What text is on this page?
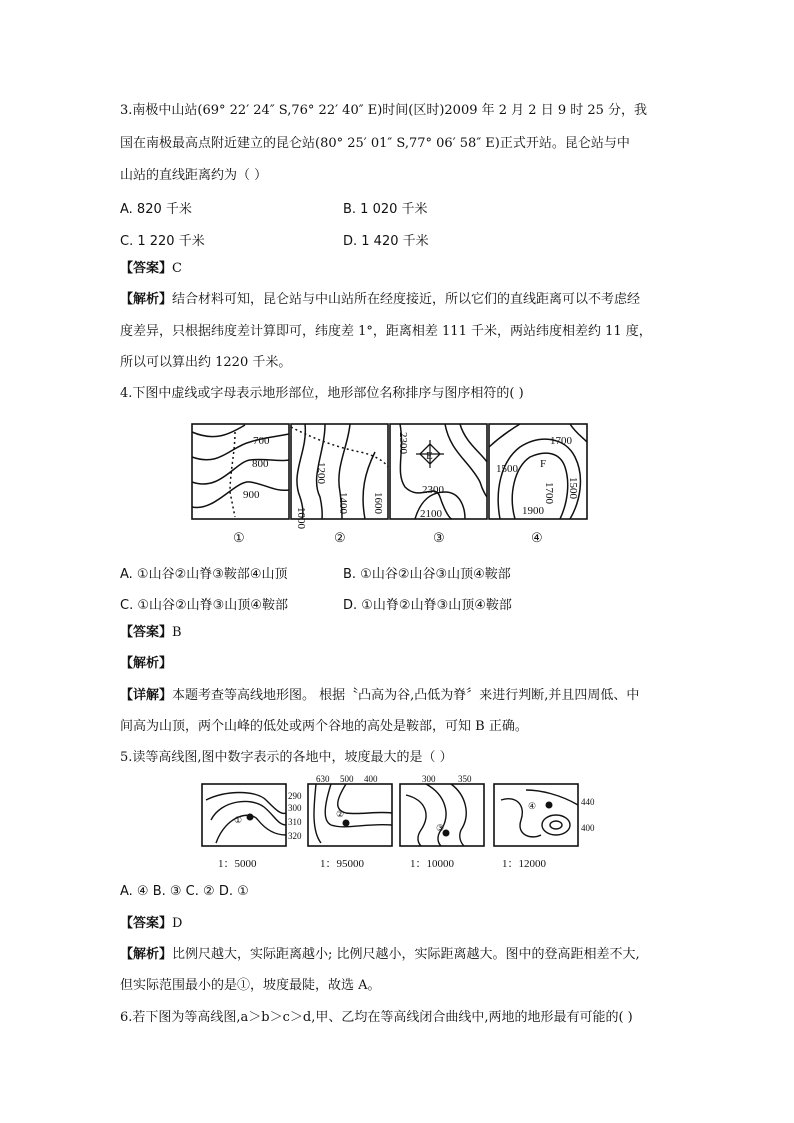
3.南极中山站(69° 22′ 24″ S,76° 22′ 40″ E)时间(区时)2009 年 2 月 2 日 9 时 25 分，我
国在南极最高点附近建立的昆仑站(80° 25′ 01″ S,77° 06′ 58″ E)正式开站。昆仑站与中
山站的直线距离约为（ ）
A. 820 千米	B. 1 020 千米
C. 1 220 千米	D. 1 420 千米
【答案】C
【解析】结合材料可知，昆仑站与中山站所在经度接近，所以它们的直线距离可以不考虑经
度差异，只根据纬度差计算即可，纬度差 1°，距离相差 111 千米，两站纬度相差约 11 度，
所以可以算出约 1220 千米。
4.下图中虚线或字母表示地形部位，地形部位名称排序与图序相符的( )
700
800
900
1000
1200
1400 1600
2300
E
2300
2100
1700
1500 F
1700 1500
1900
①	②	③	④
A. ①山谷②山脊③鞍部④山顶	B. ①山谷②山谷③山顶④鞍部
C. ①山谷②山脊③山顶④鞍部	D. ①山脊②山脊③山顶④鞍部
【答案】B
【解析】
【详解】本题考查等高线地形图。 根据〝凸高为谷,凸低为脊〞来进行判断,并且四周低、中
间高为山顶，两个山峰的低处或两个谷地的高处是鞍部，可知 B 正确。
5.读等高线图,图中数字表示的各地中，坡度最大的是（ ）
①
290
300
310
320
630 500 400
②
300	350
③
④	440
400
1：5000	1：95000	1：10000	1：12000
A. ④ B. ③ C. ② D. ①
【答案】D
【解析】比例尺越大，实际距离越小; 比例尺越小，实际距离越大。图中的登高距相差不大,
但实际范围最小的是①，坡度最陡，故选 A。
6.若下图为等高线图,a＞b＞c＞d,甲、乙均在等高线闭合曲线中,两地的地形最有可能的( )
